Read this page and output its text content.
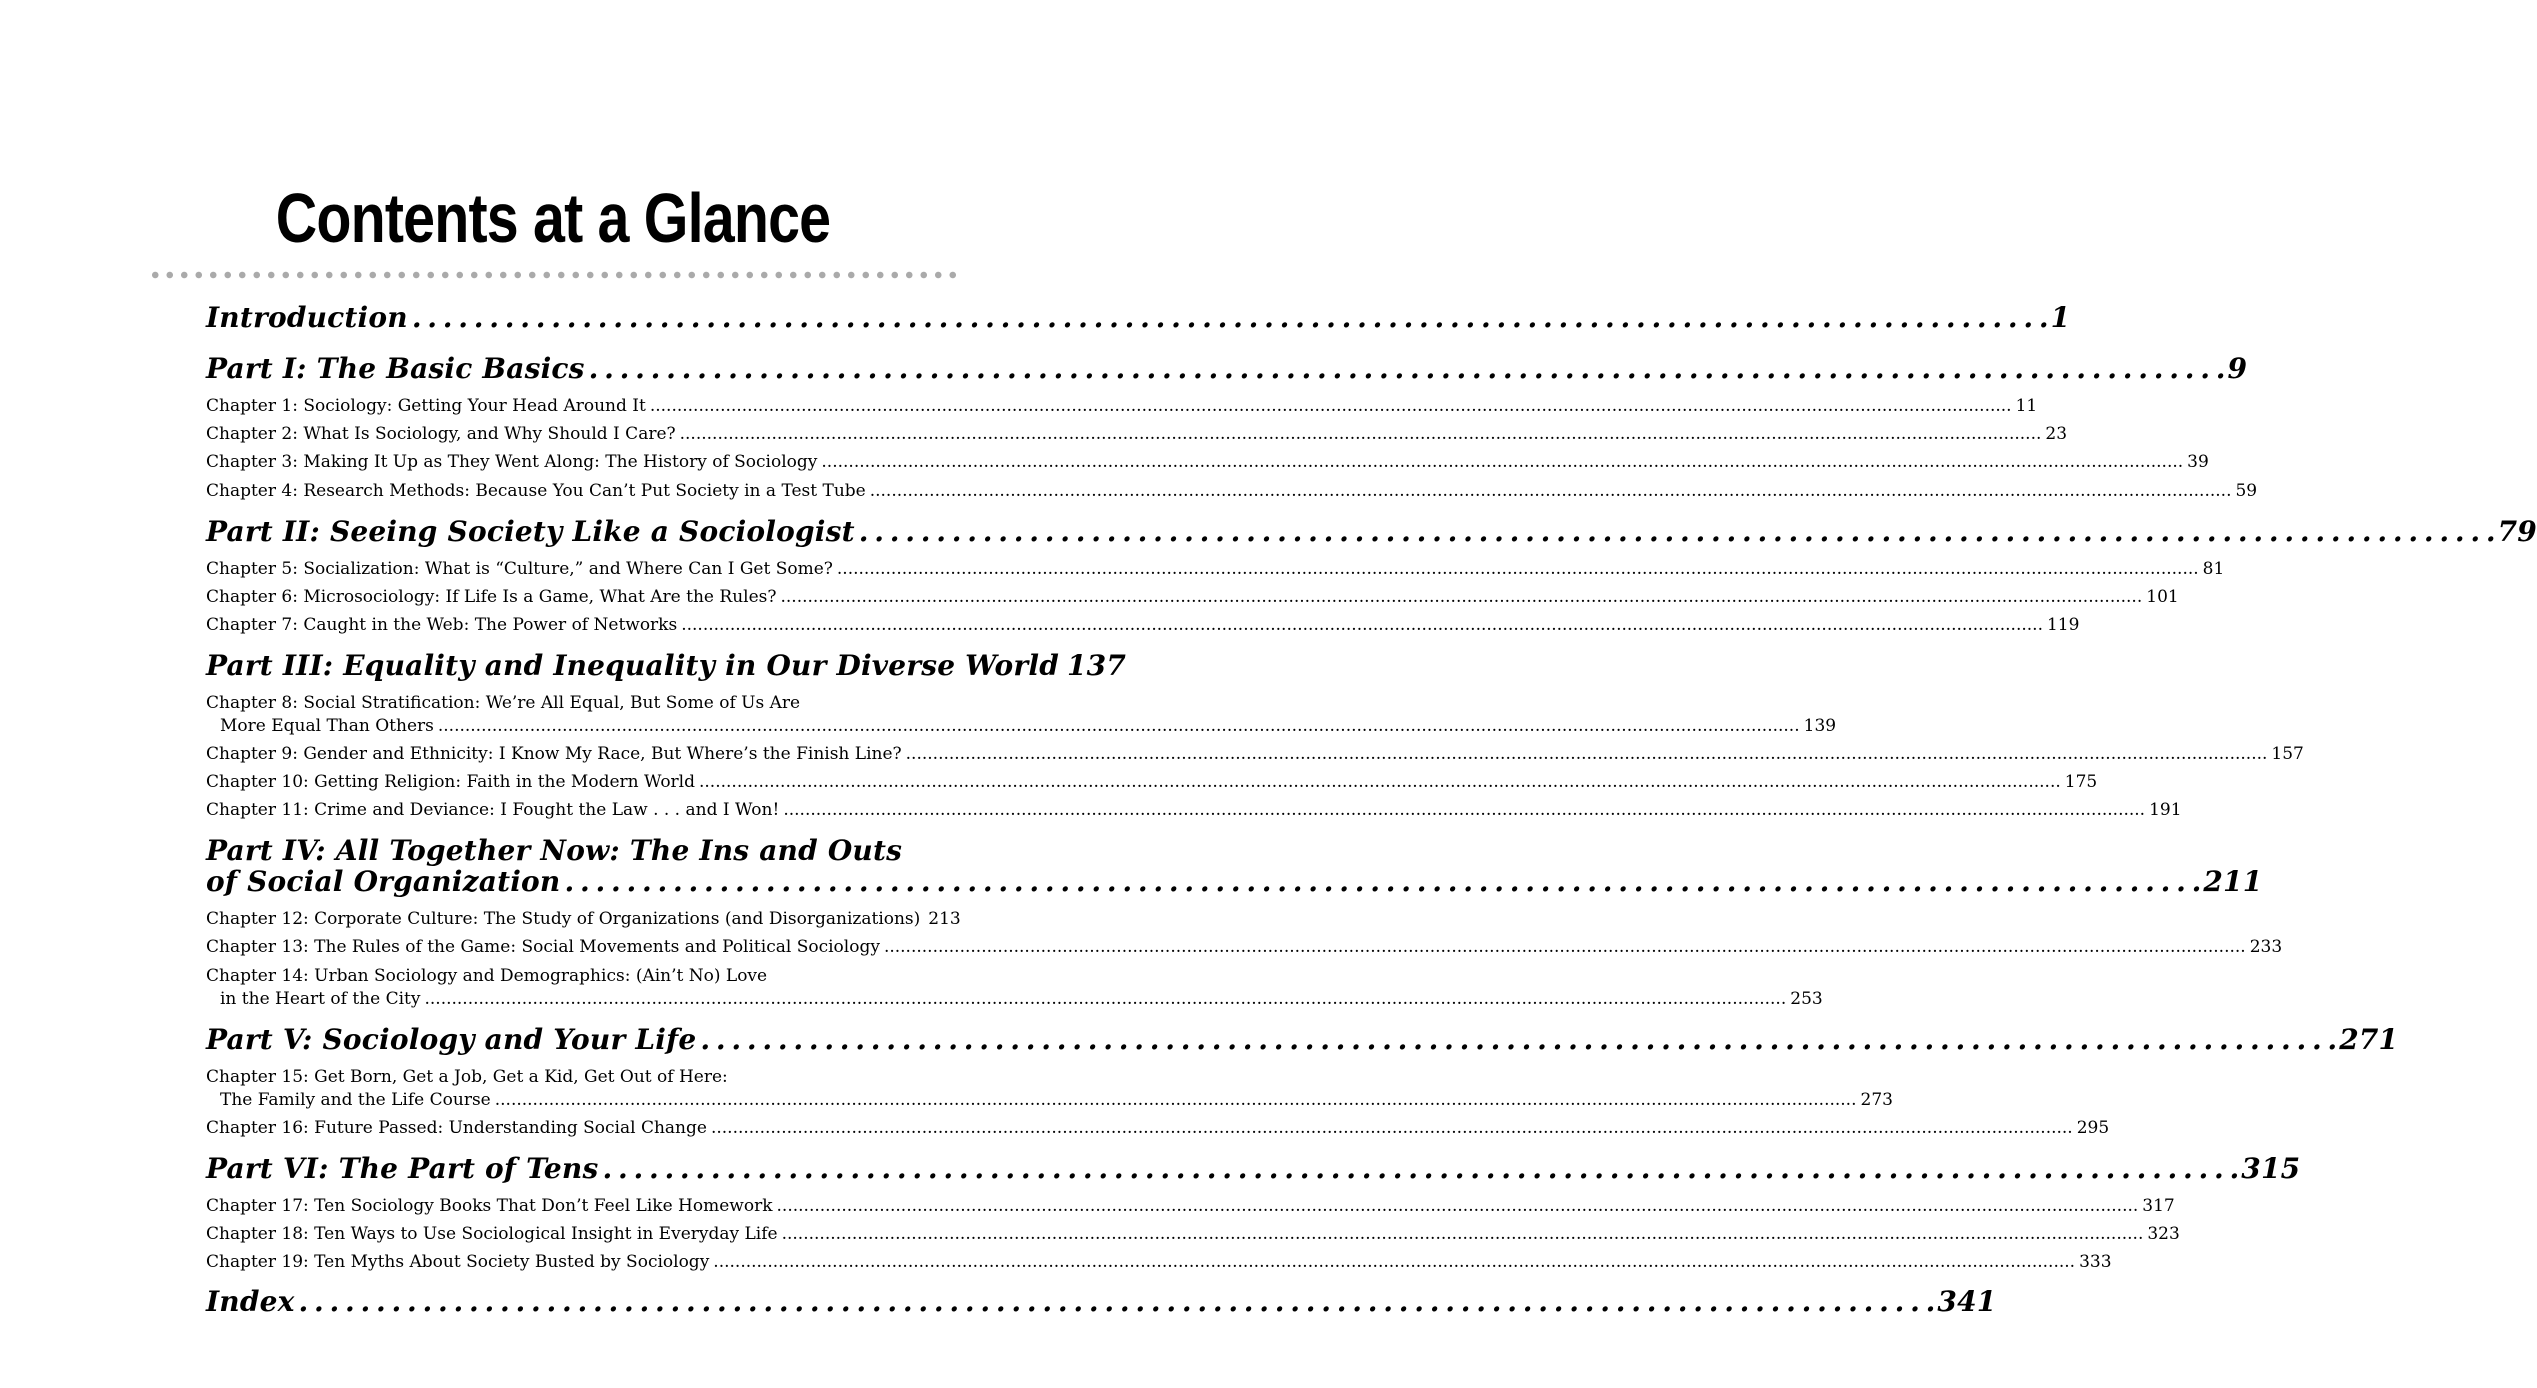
Contents at a Glance
Introduction . . .	1
Part I: The Basic Basics . . .	9
Chapter 1: Sociology: Getting Your Head Around It .....	11
Chapter 2: What Is Sociology, and Why Should I Care? .....	23
Chapter 3: Making It Up as They Went Along: The History of Sociology .....	39
Chapter 4: Research Methods: Because You Can’t Put Society in a Test Tube .....	59
Part II: Seeing Society Like a Sociologist . . .	79
Chapter 5: Socialization: What is “Culture,” and Where Can I Get Some? .....	81
Chapter 6: Microsociology: If Life Is a Game, What Are the Rules? .....	101
Chapter 7: Caught in the Web: The Power of Networks .....	119
Part III: Equality and Inequality in Our Diverse World 137
Chapter 8: Social Stratification: We’re All Equal, But Some of Us Are
More Equal Than Others .....	139
Chapter 9: Gender and Ethnicity: I Know My Race, But Where’s the Finish Line? .....	157
Chapter 10: Getting Religion: Faith in the Modern World .....	175
Chapter 11: Crime and Deviance: I Fought the Law . . . and I Won! .....	191
Part IV: All Together Now: The Ins and Outs
of Social Organization . . .	211
Chapter 12: Corporate Culture: The Study of Organizations (and Disorganizations) 213
Chapter 13: The Rules of the Game: Social Movements and Political Sociology .....	233
Chapter 14: Urban Sociology and Demographics: (Ain’t No) Love
in the Heart of the City .....	253
Part V: Sociology and Your Life . . .	271
Chapter 15: Get Born, Get a Job, Get a Kid, Get Out of Here:
The Family and the Life Course .....	273
Chapter 16: Future Passed: Understanding Social Change .....	295
Part VI: The Part of Tens . . .	315
Chapter 17: Ten Sociology Books That Don’t Feel Like Homework .....	317
Chapter 18: Ten Ways to Use Sociological Insight in Everyday Life .....	323
Chapter 19: Ten Myths About Society Busted by Sociology .....	333
Index . . .	341
